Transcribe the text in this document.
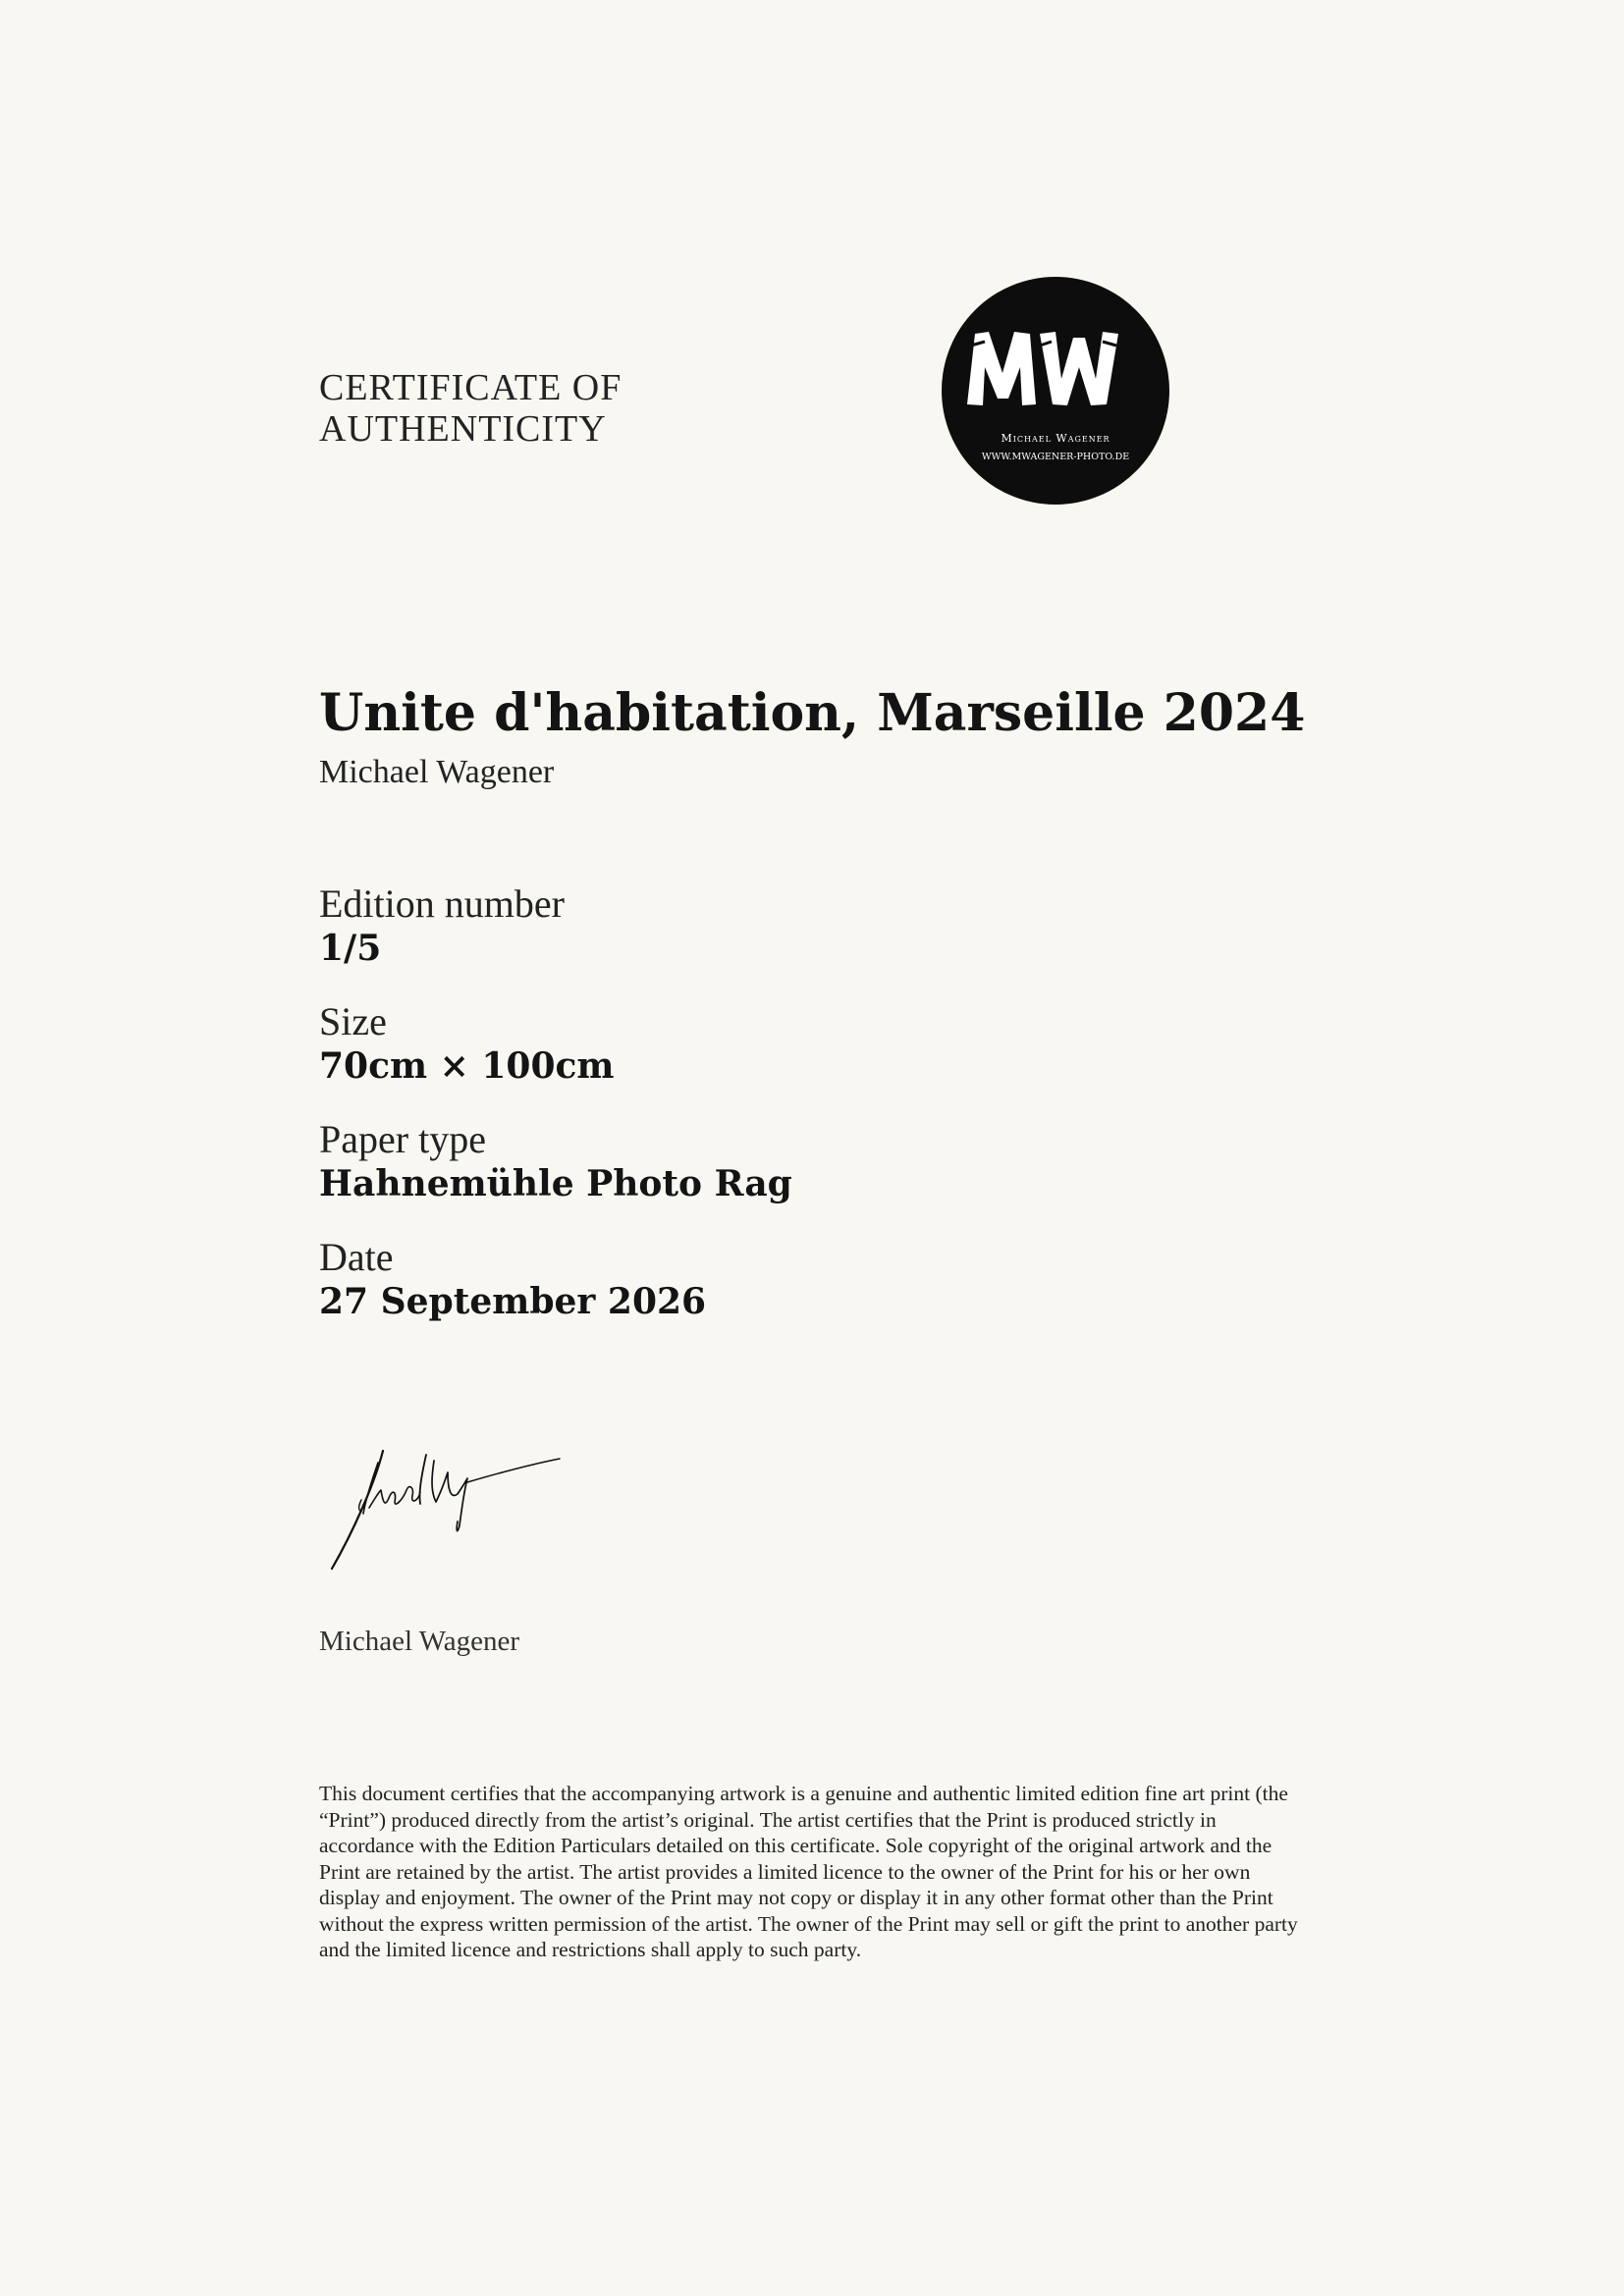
CERTIFICATE OF
AUTHENTICITY	Michael Wagener
WWW.MWAGENER-PHOTO.DE
Unite d'habitation, Marseille 2024
Michael Wagener
Edition number
1/5
Size
70cm × 100cm
Paper type
Hahnemühle Photo Rag
Date
27 September 2026
Michael Wagener
This document certifies that the accompanying artwork is a genuine and authentic limited edition fine art print (the “Print”) produced directly from the artist’s original. The artist certifies that the Print is produced strictly in accordance with the Edition Particulars detailed on this certificate. Sole copyright of the original artwork and the Print are retained by the artist. The artist provides a limited licence to the owner of the Print for his or her own display and enjoyment. The owner of the Print may not copy or display it in any other format other than the Print without the express written permission of the artist. The owner of the Print may sell or gift the print to another party and the limited licence and restrictions shall apply to such party.
